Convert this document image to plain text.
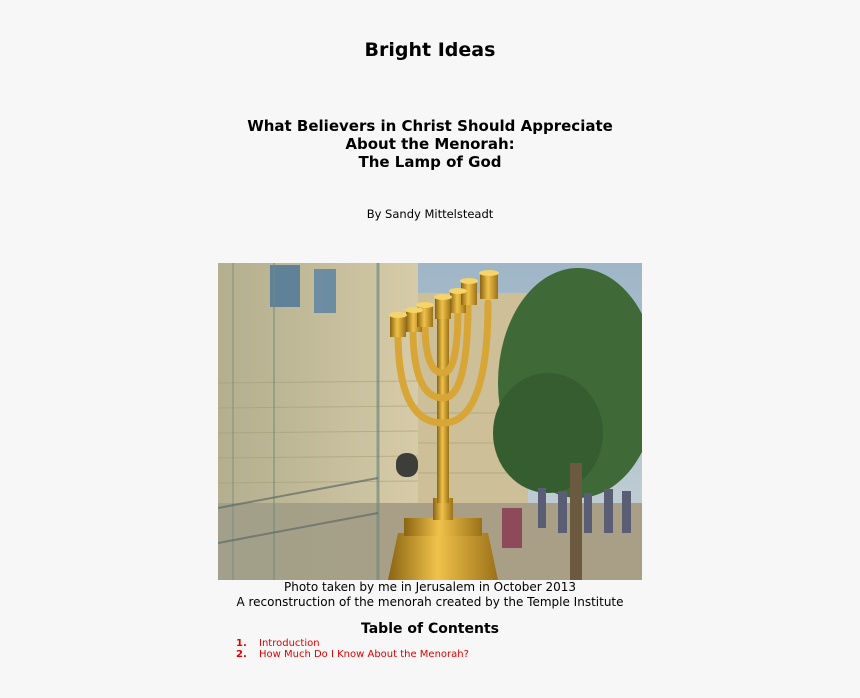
Bright Ideas
What Believers in Christ Should Appreciate
About the Menorah:
The Lamp of God
By Sandy Mittelsteadt
Photo taken by me in Jerusalem in October 2013
A reconstruction of the menorah created by the Temple Institute
Table of Contents
1.	Introduction
2.	How Much Do I Know About the Menorah?
